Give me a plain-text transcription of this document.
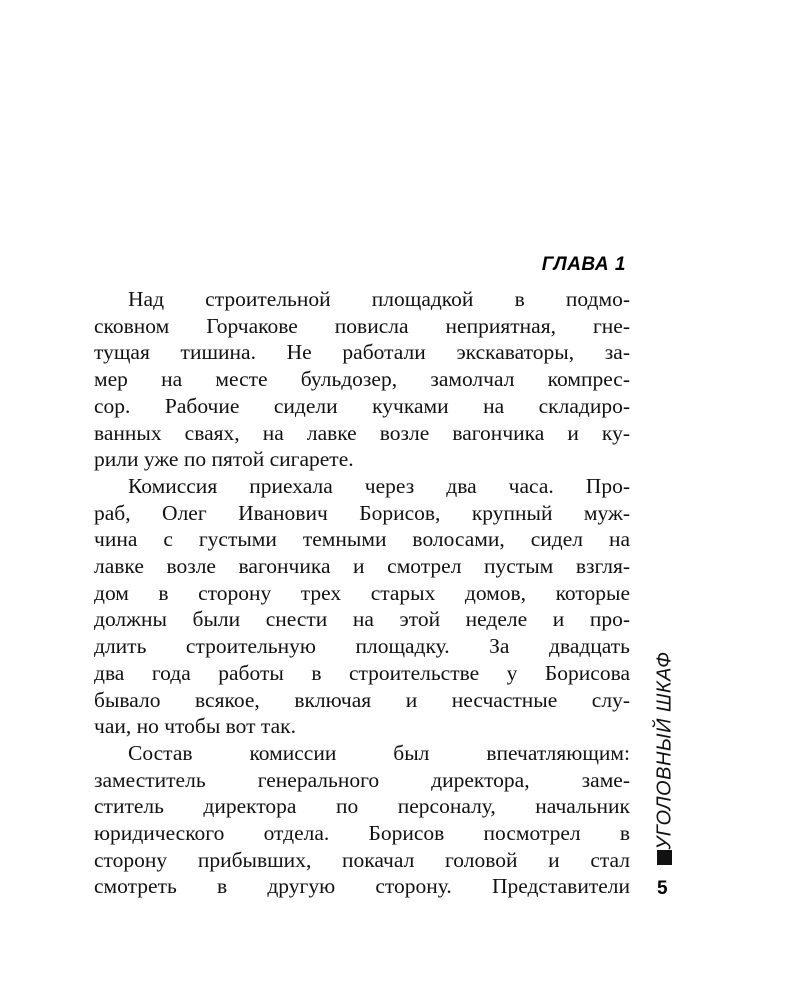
ГЛАВА 1
Над строительной площадкой в подмо-
сковном Горчакове повисла неприятная, гне-
тущая тишина. Не работали экскаваторы, за-
мер на месте бульдозер, замолчал компрес-
сор. Рабочие сидели кучками на складиро-
ванных сваях, на лавке возле вагончика и ку-
рили уже по пятой сигарете.
Комиссия приехала через два часа. Про-
раб, Олег Иванович Борисов, крупный муж-
чина с густыми темными волосами, сидел на
лавке возле вагончика и смотрел пустым взгля-
дом в сторону трех старых домов, которые
должны были снести на этой неделе и про-
длить строительную площадку. За двадцать
два года работы в строительстве у Борисова
бывало всякое, включая и несчастные слу-
чаи, но чтобы вот так.
Состав комиссии был впечатляющим:
заместитель генерального директора, заме-
ститель директора по персоналу, начальник
юридического отдела. Борисов посмотрел в
сторону прибывших, покачал головой и стал
смотреть в другую сторону. Представители
УГОЛОВНЫЙ ШКАФ
5
